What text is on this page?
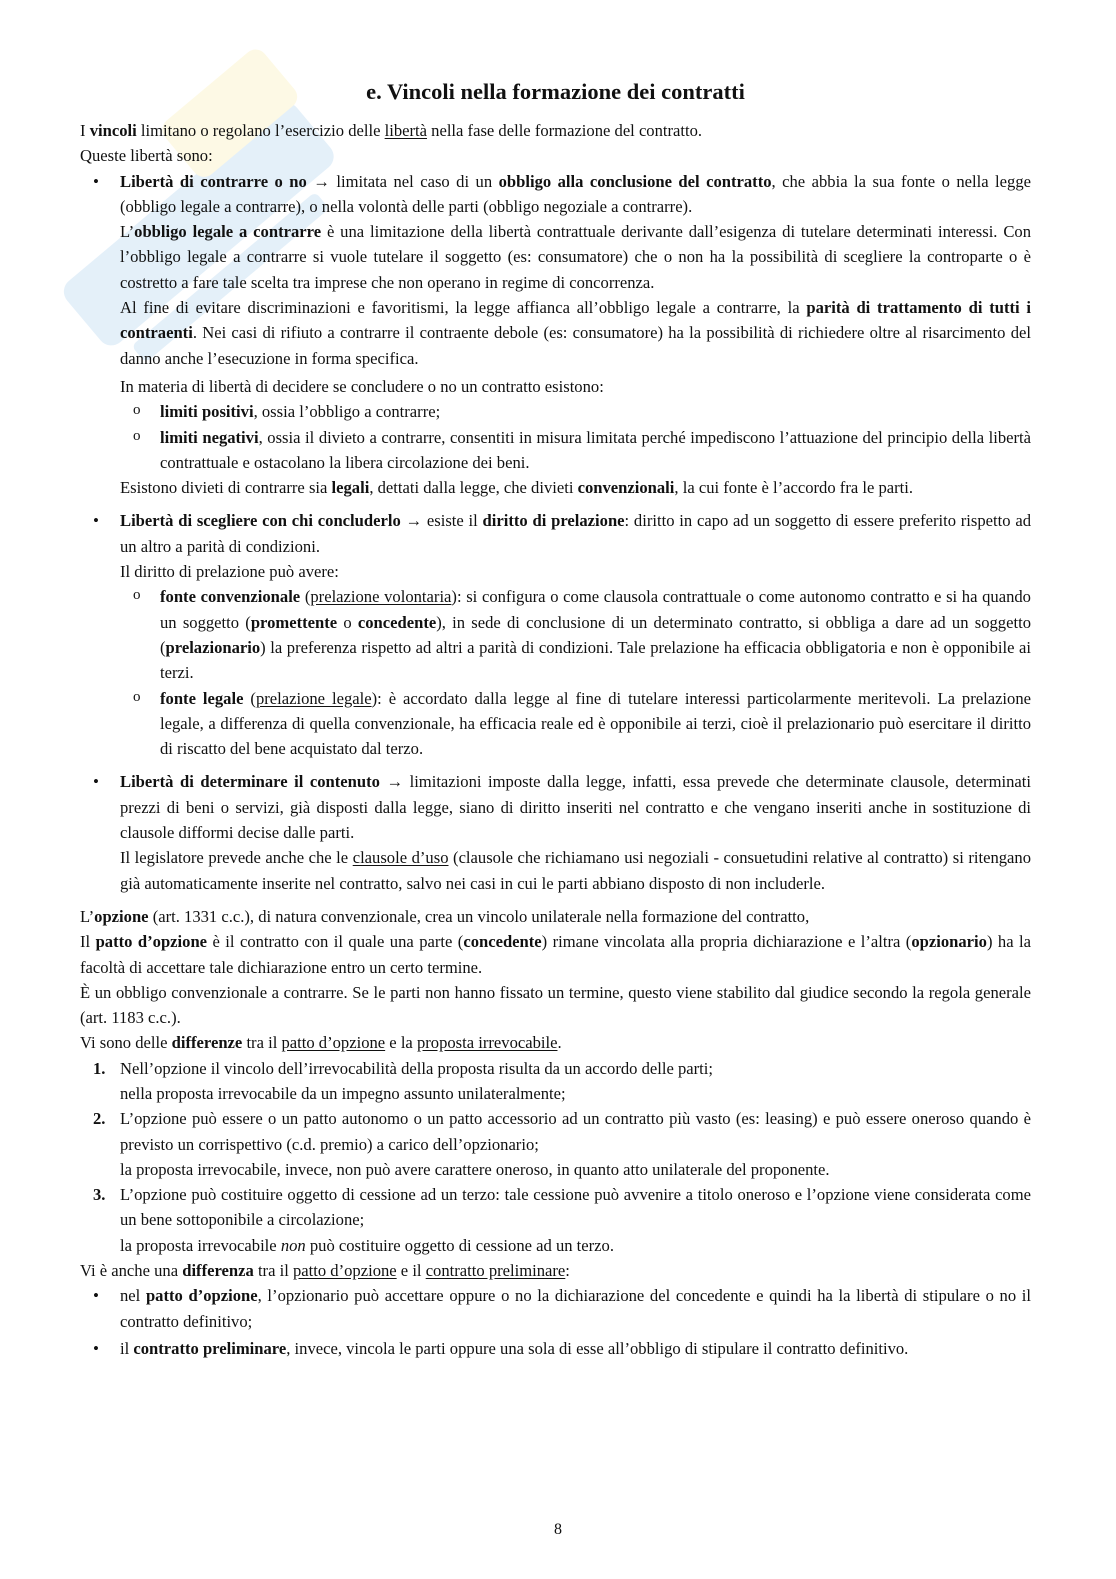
e. Vincoli nella formazione dei contratti

I vincoli limitano o regolano l’esercizio delle libertà nella fase delle formazione del contratto.

Queste libertà sono:

• Libertà di contrarre o no → limitata nel caso di un obbligo alla conclusione del contratto, che abbia la sua fonte o nella legge (obbligo legale a contrarre), o nella volontà delle parti (obbligo negoziale a contrarre).

L’obbligo legale a contrarre è una limitazione della libertà contrattuale derivante dall’esigenza di tutelare determinati interessi. Con l’obbligo legale a contrarre si vuole tutelare il soggetto (es: consumatore) che o non ha la possibilità di scegliere la controparte o è costretto a fare tale scelta tra imprese che non operano in regime di concorrenza.

Al fine di evitare discriminazioni e favoritismi, la legge affianca all’obbligo legale a contrarre, la parità di trattamento di tutti i contraenti. Nei casi di rifiuto a contrarre il contraente debole (es: consumatore) ha la possibilità di richiedere oltre al risarcimento del danno anche l’esecuzione in forma specifica.

In materia di libertà di decidere se concludere o no un contratto esistono:

o limiti positivi, ossia l’obbligo a contrarre;
o limiti negativi, ossia il divieto a contrarre, consentiti in misura limitata perché impediscono l’attuazione del principio della libertà contrattuale e ostacolano la libera circolazione dei beni.

Esistono divieti di contrarre sia legali, dettati dalla legge, che divieti convenzionali, la cui fonte è l’accordo fra le parti.

• Libertà di scegliere con chi concluderlo → esiste il diritto di prelazione: diritto in capo ad un soggetto di essere preferito rispetto ad un altro a parità di condizioni.

Il diritto di prelazione può avere:

o fonte convenzionale (prelazione volontaria): si configura o come clausola contrattuale o come autonomo contratto e si ha quando un soggetto (promettente o concedente), in sede di conclusione di un determinato contratto, si obbliga a dare ad un soggetto (prelazionario) la preferenza rispetto ad altri a parità di condizioni. Tale prelazione ha efficacia obbligatoria e non è opponibile ai terzi.
o fonte legale (prelazione legale): è accordato dalla legge al fine di tutelare interessi particolarmente meritevoli. La prelazione legale, a differenza di quella convenzionale, ha efficacia reale ed è opponibile ai terzi, cioè il prelazionario può esercitare il diritto di riscatto del bene acquistato dal terzo.

• Libertà di determinare il contenuto → limitazioni imposte dalla legge, infatti, essa prevede che determinate clausole, determinati prezzi di beni o servizi, già disposti dalla legge, siano di diritto inseriti nel contratto e che vengano inseriti anche in sostituzione di clausole difformi decise dalle parti.

Il legislatore prevede anche che le clausole d’uso (clausole che richiamano usi negoziali - consuetudini relative al contratto) si ritengano già automaticamente inserite nel contratto, salvo nei casi in cui le parti abbiano disposto di non includerle.

L’opzione (art. 1331 c.c.), di natura convenzionale, crea un vincolo unilaterale nella formazione del contratto,

Il patto d’opzione è il contratto con il quale una parte (concedente) rimane vincolata alla propria dichiarazione e l’altra (opzionario) ha la facoltà di accettare tale dichiarazione entro un certo termine.

È un obbligo convenzionale a contrarre. Se le parti non hanno fissato un termine, questo viene stabilito dal giudice secondo la regola generale (art. 1183 c.c.).

Vi sono delle differenze tra il patto d’opzione e la proposta irrevocabile.

1. Nell’opzione il vincolo dell’irrevocabilità della proposta risulta da un accordo delle parti;

nella proposta irrevocabile da un impegno assunto unilateralmente;

2. L’opzione può essere o un patto autonomo o un patto accessorio ad un contratto più vasto (es: leasing) e può essere oneroso quando è previsto un corrispettivo (c.d. premio) a carico dell’opzionario;

la proposta irrevocabile, invece, non può avere carattere oneroso, in quanto atto unilaterale del proponente.

3. L’opzione può costituire oggetto di cessione ad un terzo: tale cessione può avvenire a titolo oneroso e l’opzione viene considerata come un bene sottoponibile a circolazione;

la proposta irrevocabile non può costituire oggetto di cessione ad un terzo.

Vi è anche una differenza tra il patto d’opzione e il contratto preliminare:

• nel patto d’opzione, l’opzionario può accettare oppure o no la dichiarazione del concedente e quindi ha la libertà di stipulare o no il contratto definitivo;
• il contratto preliminare, invece, vincola le parti oppure una sola di esse all’obbligo di stipulare il contratto definitivo.
8
